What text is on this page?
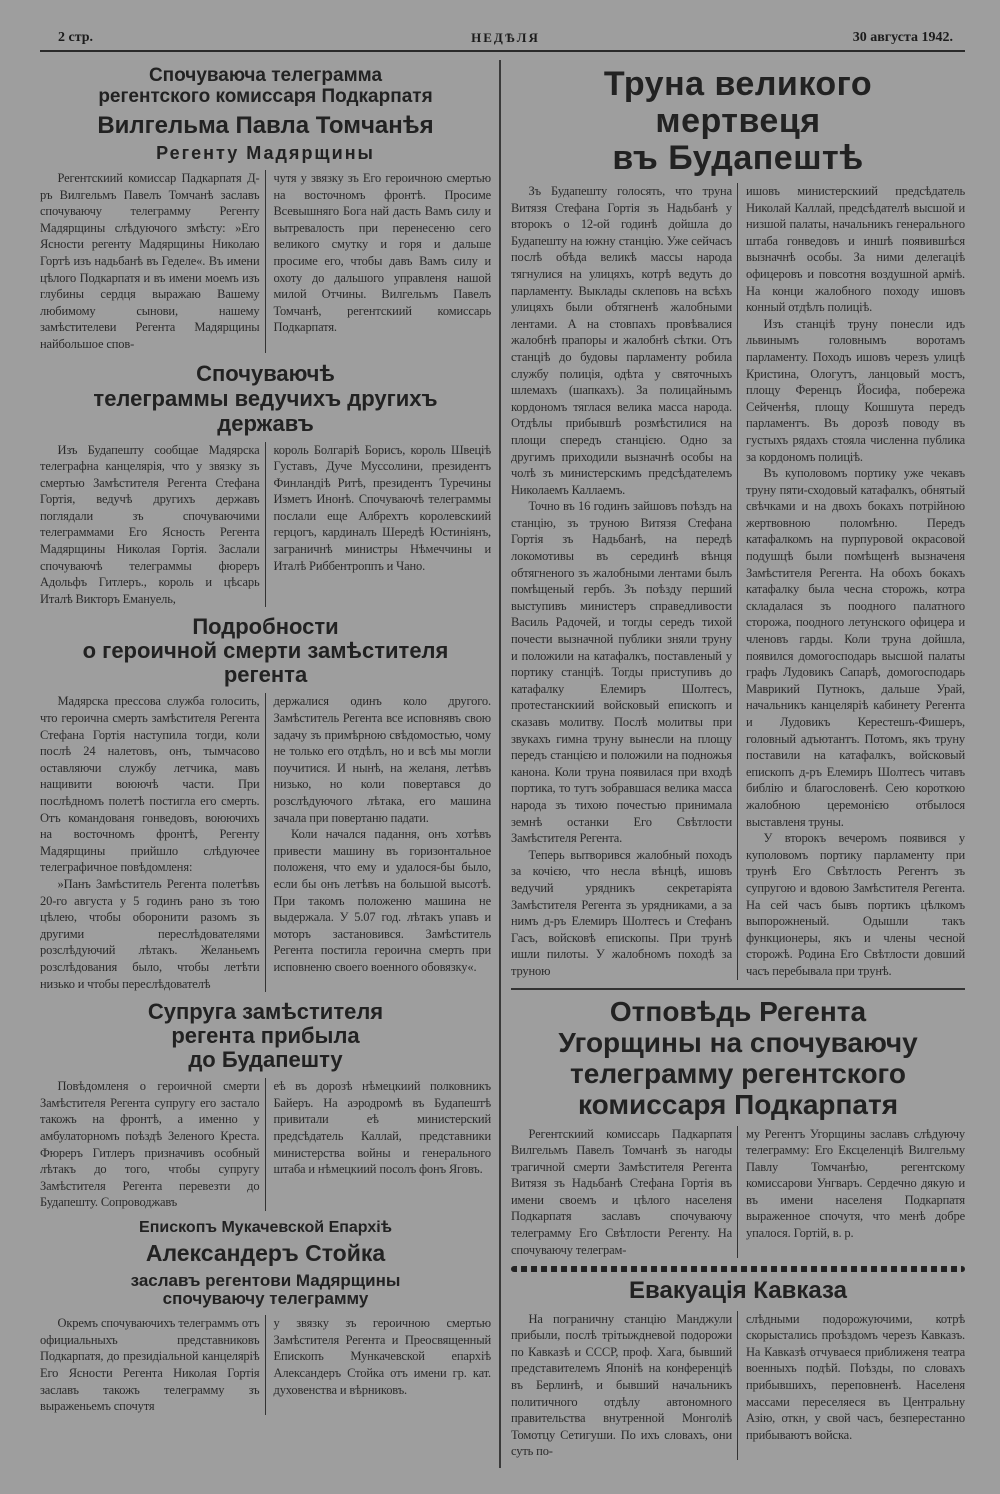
2 стр.	НЕДѢЛЯ	30 августа 1942.
Спочуваюча телеграмма
регентского комиссаря Подкарпатя
Вилгельма Павла Томчанѣя
Регенту Мадярщины

Регентскиий комиссар Падкарпатя Д-ръ Вилгельмъ Павелъ Томчанѣ заславъ спочуваючу телеграмму Регенту Мадярщины слѣдуючого змѣсту: »Его Ясности регенту Мадярщины Николаю Гортѣ изъ надьбанѣ въ Геделе«. Въ имени цѣлого Подкарпатя и въ имени моемъ изъ глубины сердця выражаю Вашему любимому сынови, нашему замѣстителеви Регента Мадярщины найбольшое спов-

чутя у звязку зъ Его героичною смертью на восточномъ фронтѣ. Просиме Всевышняго Бога най дасть Вамъ силу и вытревалость при перенесеню сего великого смутку и горя и дальше просиме его, чтобы давъ Вамъ силу и охоту до дальшого управленя нашой милой Отчины. Вилгельмъ Павелъ Томчанѣ, регентскиий комиссарь Подкарпатя.

Спочуваючѣ
телеграммы ведучихъ другихъ
державъ

Изъ Будапешту сообщае Мадярска телеграфна канцелярія, что у звязку зъ смертью Замѣстителя Регента Стефана Гортія, ведучѣ другихъ державъ поглядали зъ спочуваючими телеграммами Его Ясность Регента Мадярщины Николая Гортія. Заслали спочуваючѣ телеграммы фюреръ Адольфъ Гитлеръ., король и цѣсарь Италѣ Викторъ Емануель,

король Болгаріѣ Борисъ, король Швеціѣ Густавъ, Дуче Муссолини, президентъ Финландіѣ Ритѣ, президентъ Туречины Изметъ Инонѣ. Спочуваючѣ телеграммы послали еще Албрехтъ королевскиий герцогъ, кардиналъ Шередѣ Юстиніянъ, заграничнѣ министры Нѣмеччины и Италѣ Риббентроппъ и Чано.

Подробности
о героичной смерти замѣстителя
регента

Мадярска прессова служба голосить, что героична смерть замѣстителя Регента Стефана Гортія наступила тогди, коли послѣ 24 налетовъ, онъ, тымчасово оставляючи службу летчика, мавъ нащивити воюючѣ части. При послѣдномъ полетѣ постигла его смерть. Отъ командованя гонведовъ, воюючихъ на восточномъ фронтѣ, Регенту Мадярщины прийшло слѣдуючее телеграфичное повѣдомленя:

»Панъ Замѣститель Регента полетѣвъ 20-го августа у 5 годинъ рано зъ тою цѣлею, чтобы оборонити разомъ зъ другими переслѣдователями розслѣдуючий лѣтакъ. Желаньемъ розслѣдования было, чтобы летѣти низько и чтобы переслѣдователѣ

держалися одинъ коло другого. Замѣститель Регента все исповнявъ свою задачу зъ примѣрною свѣдомостью, чому не только его отдѣлъ, но и всѣ мы могли поучитися. И нынѣ, на желаня, летѣвъ низько, но коли повертався до розслѣдуючого лѣтака, его машина зачала при повертаню падати.

Коли начался падання, онъ хотѣвъ привести машину въ горизонтальное положеня, что ему и удалося-бы было, если бы онъ летѣвъ на большой высотѣ. При такомъ положеню машина не выдержала. У 5.07 год. лѣтакъ упавъ и моторъ застановився. Замѣститель Регента постигла героична смерть при исповненю своего военного обовязку«.

Супруга замѣстителя
регента прибыла
до Будапешту

Повѣдомленя о героичной смерти Замѣстителя Регента супругу его застало такожъ на фронтѣ, а именно у амбулаторномъ поѣздѣ Зеленого Креста. Фюреръ Гитлеръ призначивъ особный лѣтакъ до того, чтобы супругу Замѣстителя Регента перевезти до Будапешту. Сопроводжавъ

еѣ въ дорозѣ нѣмецкиий полковникъ Байеръ. На аэродромѣ въ Будапештѣ привитали еѣ министерский предсѣдатель Каллай, представники министерства войны и генерального штаба и нѣмецкиий посолъ фонъ Яговъ.

Епископъ Мукачевской Епархіѣ
Александеръ Стойка
заславъ регентови Мадярщины
спочуваючу телеграмму

Окремъ спочуваючихъ телеграммъ отъ официальныхъ представниковъ Подкарпатя, до президіальной канцеляріѣ Его Ясности Регента Николая Гортія заславъ такожъ телеграмму зъ выраженьемъ спочутя

у звязку зъ героичною смертью Замѣстителя Регента и Преосвященный Епископъ Мункачевской епархіѣ Александеръ Стойка отъ имени гр. кат. духовенства и вѣрниковъ.

Труна великого
мертвеця
въ Будапештѣ

Зъ Будапешту голосять, что труна Витязя Стефана Гортія зъ Надьбанѣ у второкъ о 12-ой годинѣ дойшла до Будапешту на южну станцію. Уже сейчасъ послѣ обѣда великѣ массы народа тягнулися на улицяхъ, котрѣ ведуть до парламенту. Выклады склеповъ на всѣхъ улицяхъ были обтягненѣ жалобными лентами. А на стовпахъ провѣвалися жалобнѣ прапоры и жалобнѣ сѣтки. Отъ станціѣ до будовы парламенту робила службу полиція, одѣта у святочныхъ шлемахъ (шапкахъ). За полицайнымъ кордономъ тяглася велика масса народа. Отдѣлы прибывшѣ розмѣстилися на площи спередъ станцією. Одно за другимъ приходили вызначнѣ особы на чолѣ зъ министерскимъ предсѣдателемъ Николаемъ Каллаемъ.

Точно въ 16 годинъ зайшовъ поѣздъ на станцію, зъ труною Витязя Стефана Гортія зъ Надьбанѣ, на передѣ локомотивы въ серединѣ вѣнця обтягненого зъ жалобными лентами былъ помѣщеный гербъ. Зъ поѣзду перший выступивъ министеръ справедливости Василь Радочей, и тогды середъ тихой почести вызначной публики зняли труну и положили на катафалкъ, поставленый у портику станціѣ. Тогды приступивъ до катафалку Елемиръ Шолтесъ, протестанскиий войсковый епископъ и сказавъ молитву. Послѣ молитвы при звукахъ гимна труну вынесли на площу передъ станцією и положили на подножья канона. Коли труна появилася при входѣ портика, то тутъ зобравшася велика масса народа зъ тихою почестью принимала земнѣ останки Его Свѣтлости Замѣстителя Регента.

Теперь вытворився жалобный походъ за кочією, что несла вѣнцѣ, ишовъ ведучий урядникъ секретаріята Замѣстителя Регента зъ урядниками, а за нимъ д-ръ Елемиръ Шолтесъ и Стефанъ Гасъ, войсковѣ епископы. При трунѣ ишли пилоты. У жалобномъ походѣ за труною

ишовъ министерскиий предсѣдатель Николай Каллай, предсѣдателѣ высшой и низшой палаты, начальникъ генерального штаба гонведовъ и иншѣ появившѣся вызначнѣ особы. За ними делегаціѣ офицеровъ и повсотня воздушной арміѣ. На конци жалобного походу ишовъ конный отдѣлъ полиціѣ.

Изъ станціѣ труну понесли идъ львинымъ головнымъ воротамъ парламенту. Походъ ишовъ черезъ улицѣ Кристина, Ологутъ, ланцовый мостъ, площу Ференцъ Йосифа, побережа Сейченѣя, площу Кошшута передъ парламентъ. Въ дорозѣ поводу въ густыхъ рядахъ стояла численна публика за кордономъ полиціѣ.

Въ куполовомъ портику уже чекавъ труну пяти-сходовый катафалкъ, обнятый свѣчками и на двохъ бокахъ потрійною жертвовною поломѣню. Передъ катафалкомъ на пурпуровой окрасовой подушцѣ были помѣщенѣ вызначеня Замѣстителя Регента. На обохъ бокахъ катафалку была чесна сторожь, котра складалася зъ поодного палатного сторожа, поодного летунского офицера и членовъ гарды. Коли труна дойшла, появился домогосподарь высшой палаты графъ Лудовикъ Сапарѣ, домогосподарь Маврикий Путнокъ, дальше Урай, начальникъ канцеляріѣ кабинету Регента и Лудовикъ Керестешъ-Фишеръ, головный адъютантъ. Потомъ, якъ труну поставили на катафалкъ, войсковый епископъ д-ръ Елемиръ Шолтесъ читавъ библію и благословенѣ. Сею короткою жалобною церемонією отбылося выставленя труны.

У второкъ вечеромъ появився у куполовомъ портику парламенту при трунѣ Его Свѣтлость Регентъ зъ супругою и вдовою Замѣстителя Регента. На сей часъ бывъ портикъ цѣлкомъ выпорожненый. Одышли такъ функционеры, якъ и члены чесной сторожѣ. Родина Его Свѣтлости довший часъ перебывала при трунѣ.

Отповѣдь Регента
Угорщины на спочуваючу
телеграмму регентского
комиссаря Подкарпатя

Регентскиий комиссарь Падкарпатя Вилгельмъ Павелъ Томчанѣ зъ нагоды трагичной смерти Замѣстителя Регента Витязя зъ Надьбанѣ Стефана Гортія въ имени своемъ и цѣлого населеня Подкарпатя заславъ спочуваючу телеграмму Его Свѣтлости Регенту. На спочуваючу телеграм-

му Регентъ Угорщины заславъ слѣдуючу телеграмму: Его Ексцеленціѣ Вилгельму Павлу Томчанѣю, регентскому комиссарови Унгваръ. Сердечно дякую и въ имени населеня Подкарпатя выраженное спочутя, что менѣ добре упалося. Гортій, в. р.

Евакуація Кавказа

На пограничну станцію Манджули прибыли, послѣ трітыждневой подорожи по Кавказѣ и СССР, проф. Хага, бывший представителемъ Японіѣ на конференціѣ въ Берлинѣ, и бывший начальникъ политичного отдѣлу автономного правительства внутренной Монголіѣ Томотцу Сетигуши. По ихъ словахъ, они суть по-

слѣдными подорожуючими, котрѣ скорыстались проѣздомъ черезъ Кавказъ. На Кавказѣ отчуваеся приближеня театра военныхъ подѣй. Поѣзды, по словахъ прибывшихъ, переповненѣ. Населеня массами переселяеся въ Центральну Азію, откн, у свой часъ, безперестанно прибываютъ войска.
